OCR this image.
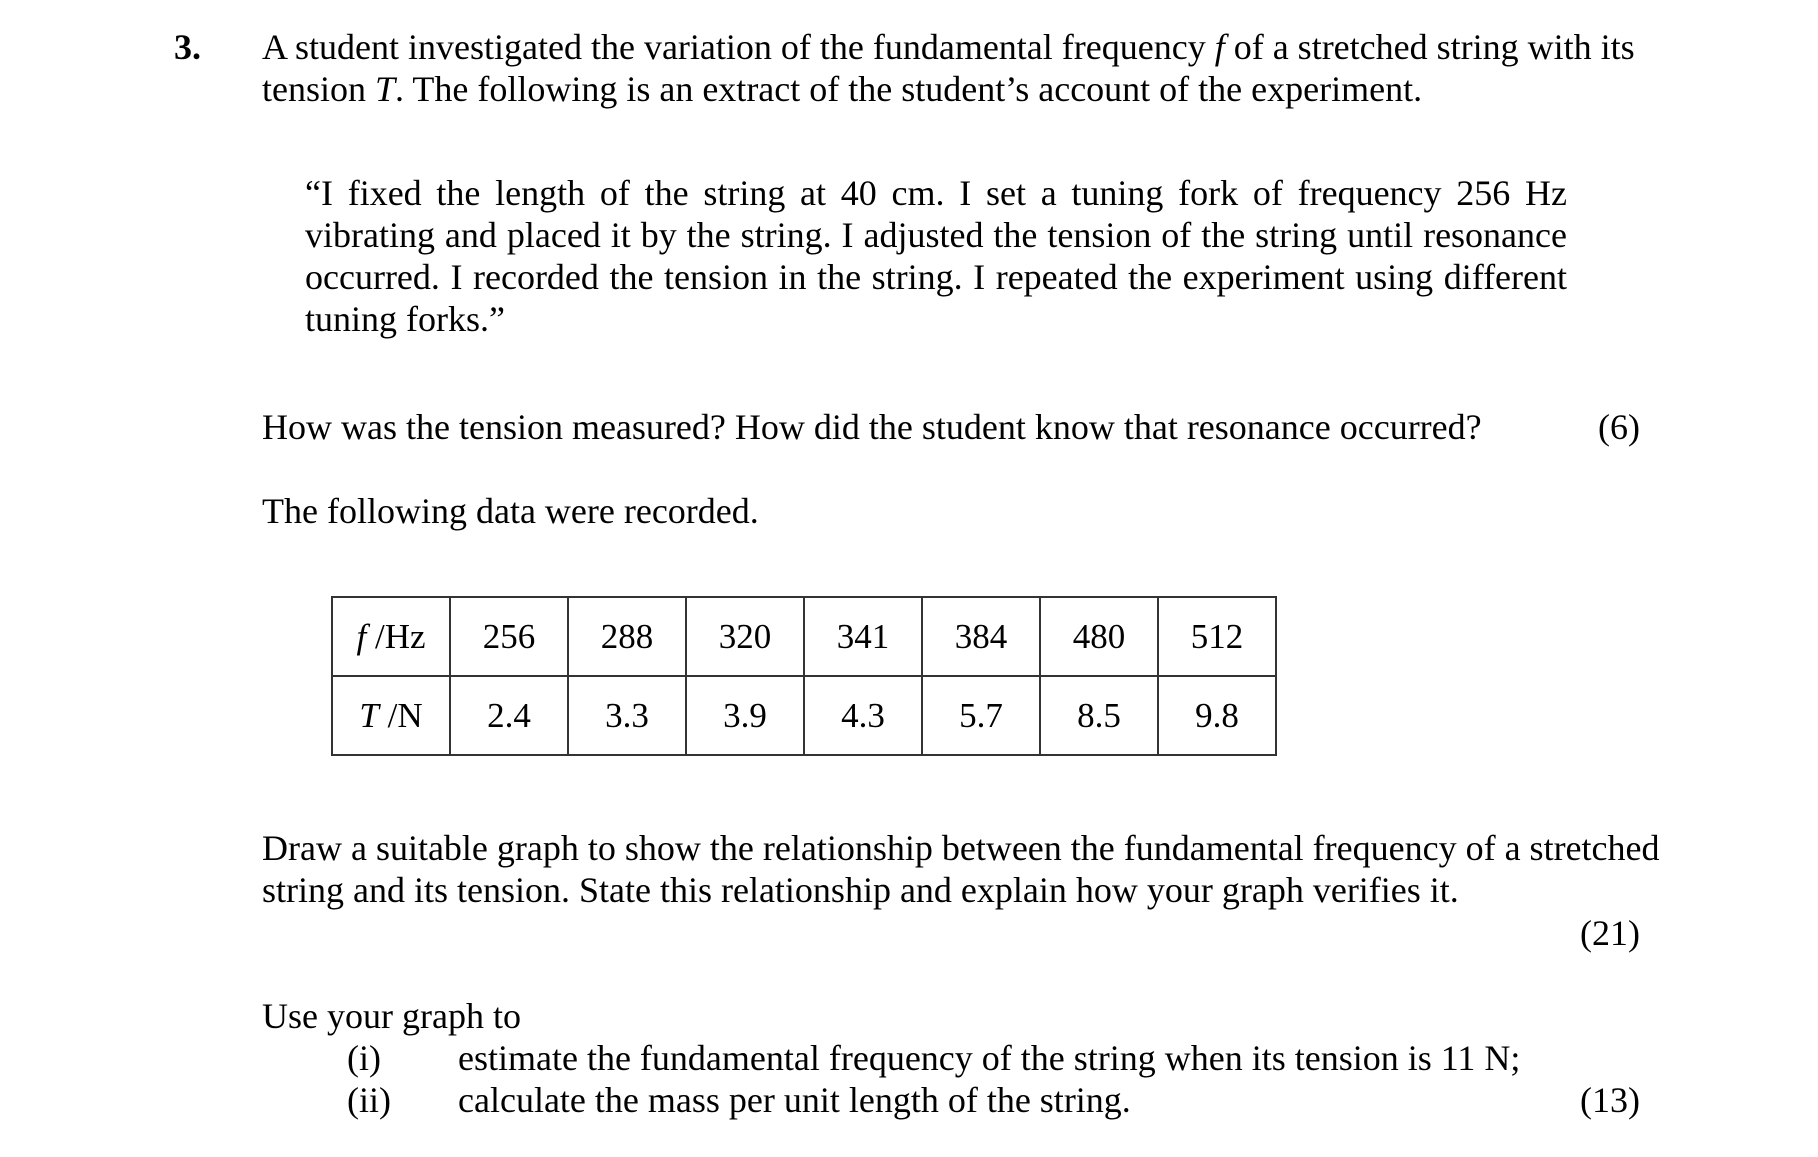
3. A student investigated the variation of the fundamental frequency f of a stretched string with its tension T. The following is an extract of the student’s account of the experiment.
“I fixed the length of the string at 40 cm. I set a tuning fork of frequency 256 Hz vibrating and placed it by the string. I adjusted the tension of the string until resonance occurred. I recorded the tension in the string. I repeated the experiment using different tuning forks.”
How was the tension measured? How did the student know that resonance occurred?	(6)
The following data were recorded.
f /Hz	256	288	320	341	384	480	512
T /N	2.4	3.3	3.9	4.3	5.7	8.5	9.8
Draw a suitable graph to show the relationship between the fundamental frequency of a stretched string and its tension. State this relationship and explain how your graph verifies it.
(21)
Use your graph to
(i) estimate the fundamental frequency of the string when its tension is 11 N;
(ii) calculate the mass per unit length of the string.	(13)
